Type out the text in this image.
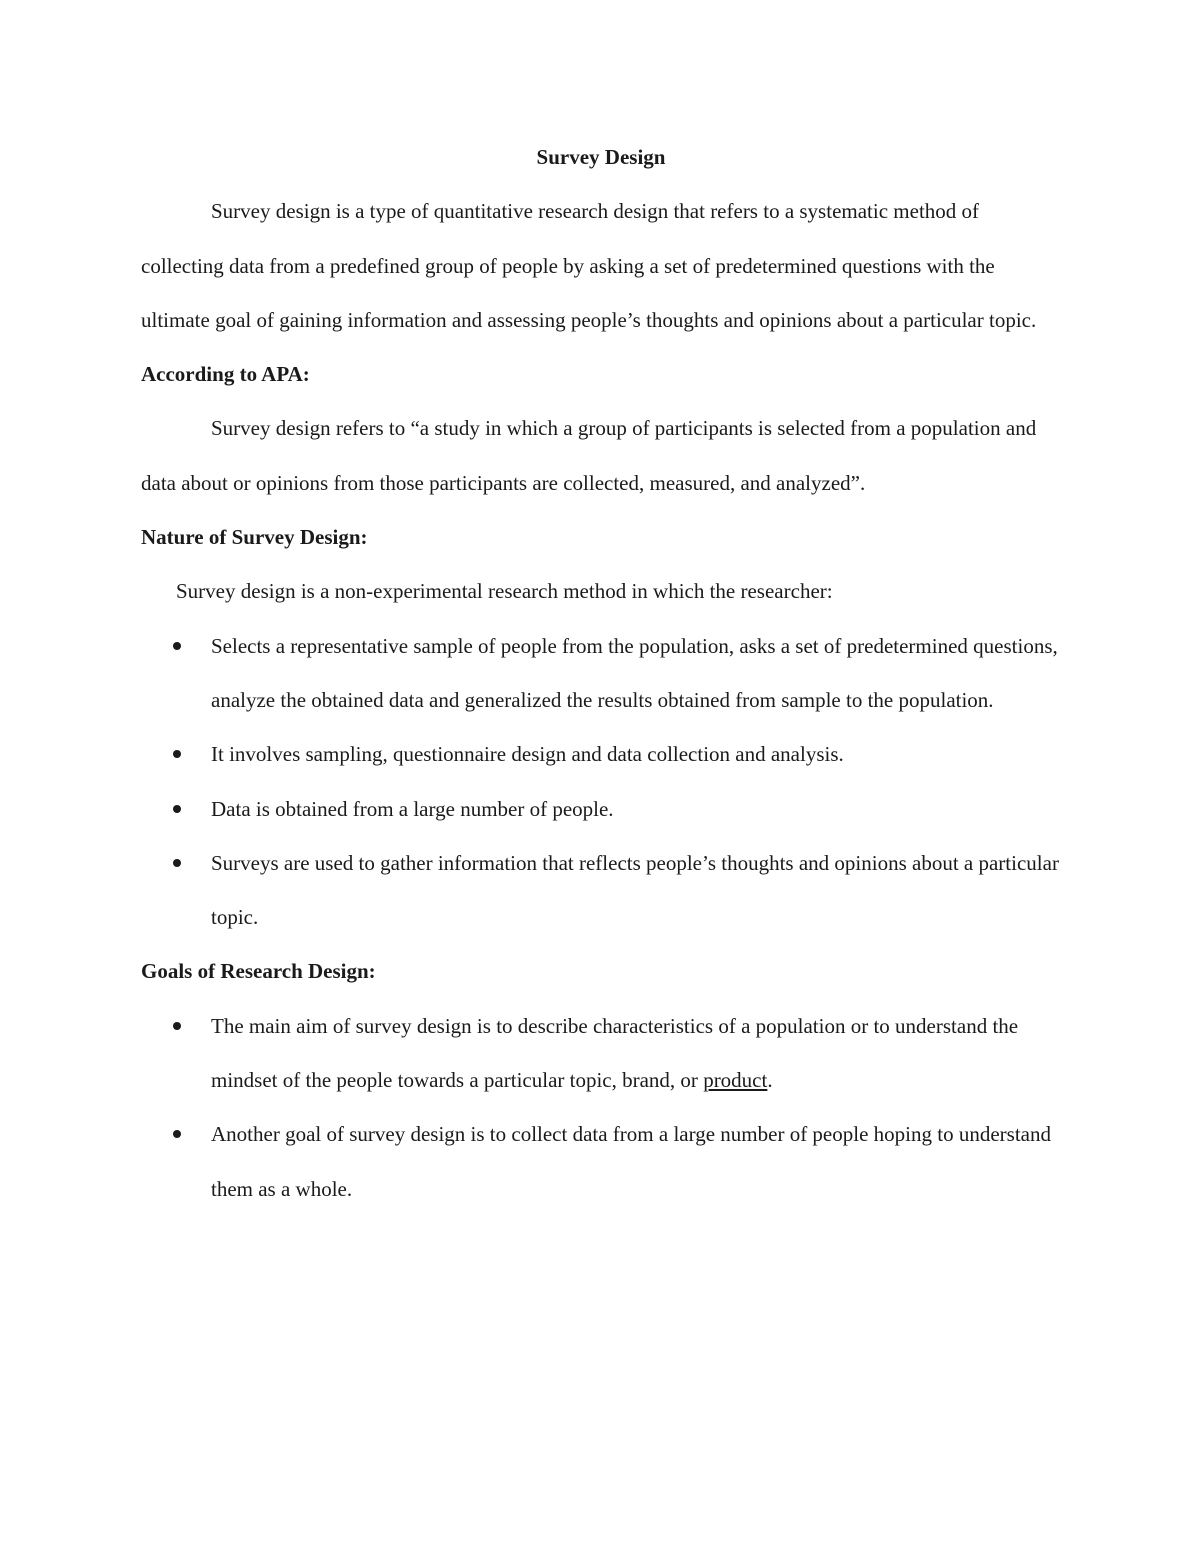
Survey Design

Survey design is a type of quantitative research design that refers to a systematic method of collecting data from a predefined group of people by asking a set of predetermined questions with the ultimate goal of gaining information and assessing people’s thoughts and opinions about a particular topic.

According to APA:

Survey design refers to “a study in which a group of participants is selected from a population and data about or opinions from those participants are collected, measured, and analyzed”.

Nature of Survey Design:

Survey design is a non-experimental research method in which the researcher:

Selects a representative sample of people from the population, asks a set of predetermined questions, analyze the obtained data and generalized the results obtained from sample to the population.
It involves sampling, questionnaire design and data collection and analysis.
Data is obtained from a large number of people.
Surveys are used to gather information that reflects people’s thoughts and opinions about a particular topic.

Goals of Research Design:

The main aim of survey design is to describe characteristics of a population or to understand the mindset of the people towards a particular topic, brand, or product.
Another goal of survey design is to collect data from a large number of people hoping to understand them as a whole.
